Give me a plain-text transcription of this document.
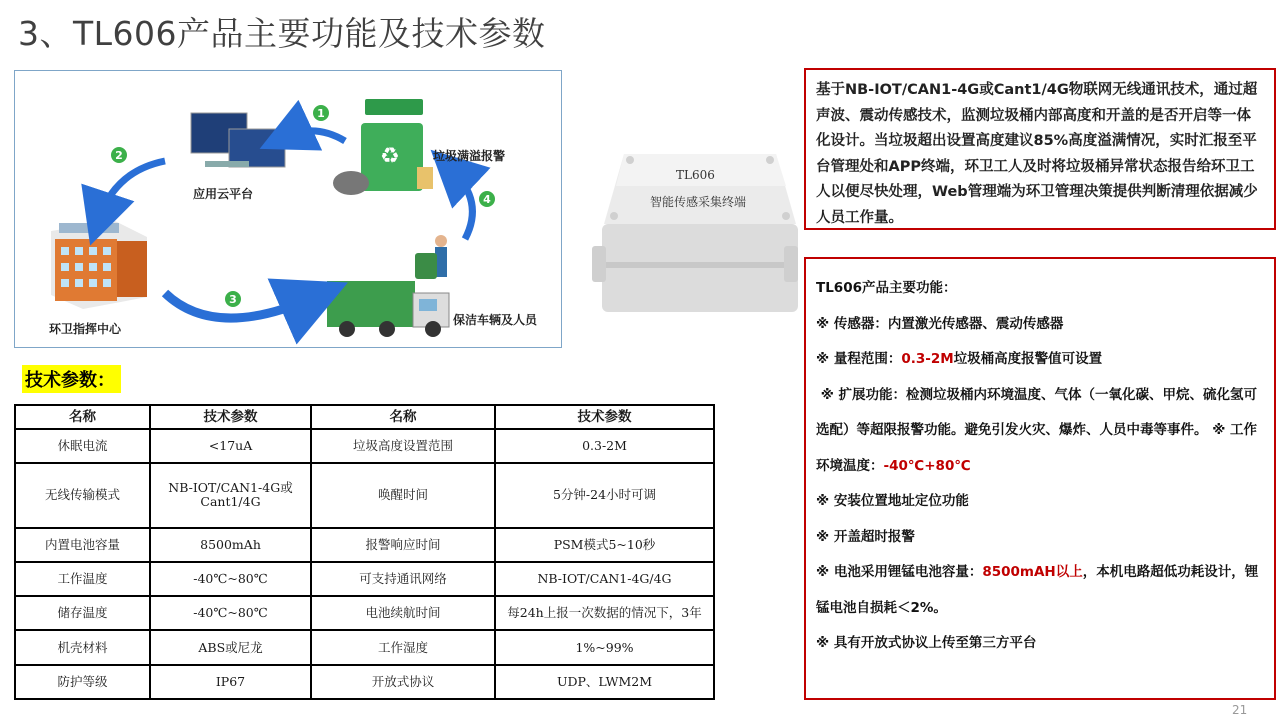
3、TL606产品主要功能及技术参数
♻
1
2
3
4
应用云平台
垃圾满溢报警
环卫指挥中心
保洁车辆及人员
TL606
智能传感采集终端
基于NB-IOT/CAN1-4G或Cant1/4G物联网无线通讯技术，通过超声波、震动传感技术，监测垃圾桶内部高度和开盖的是否开启等一体化设计。当垃圾超出设置高度建议85%高度溢满情况，实时汇报至平台管理处和APP终端，环卫工人及时将垃圾桶异常状态报告给环卫工人以便尽快处理，Web管理端为环卫管理决策提供判断清理依据减少人员工作量。
TL606产品主要功能：
※ 传感器：内置激光传感器、震动传感器
※ 量程范围：0.3-2M垃圾桶高度报警值可设置
※ 扩展功能：检测垃圾桶内环境温度、气体（一氧化碳、甲烷、硫化氢可选配）等超限报警功能。避免引发火灾、爆炸、人员中毒等事件。 ※ 工作环境温度：-40℃+80℃
※ 安装位置地址定位功能
※ 开盖超时报警
※ 电池采用锂锰电池容量：8500mAH以上，本机电路超低功耗设计，锂锰电池自损耗＜2%。
※ 具有开放式协议上传至第三方平台
技术参数：
名称	技术参数	名称	技术参数
休眠电流	<17uA	垃圾高度设置范围	0.3-2M
无线传输模式	NB-IOT/CAN1-4G或Cant1/4G	唤醒时间	5分钟-24小时可调
内置电池容量	8500mAh	报警响应时间	PSM模式5~10秒
工作温度	-40℃~80℃	可支持通讯网络	NB-IOT/CAN1-4G/4G
储存温度	-40℃~80℃	电池续航时间	每24h上报一次数据的情况下，3年
机壳材料	ABS或尼龙	工作湿度	1%~99%
防护等级	IP67	开放式协议	UDP、LWM2M
21
